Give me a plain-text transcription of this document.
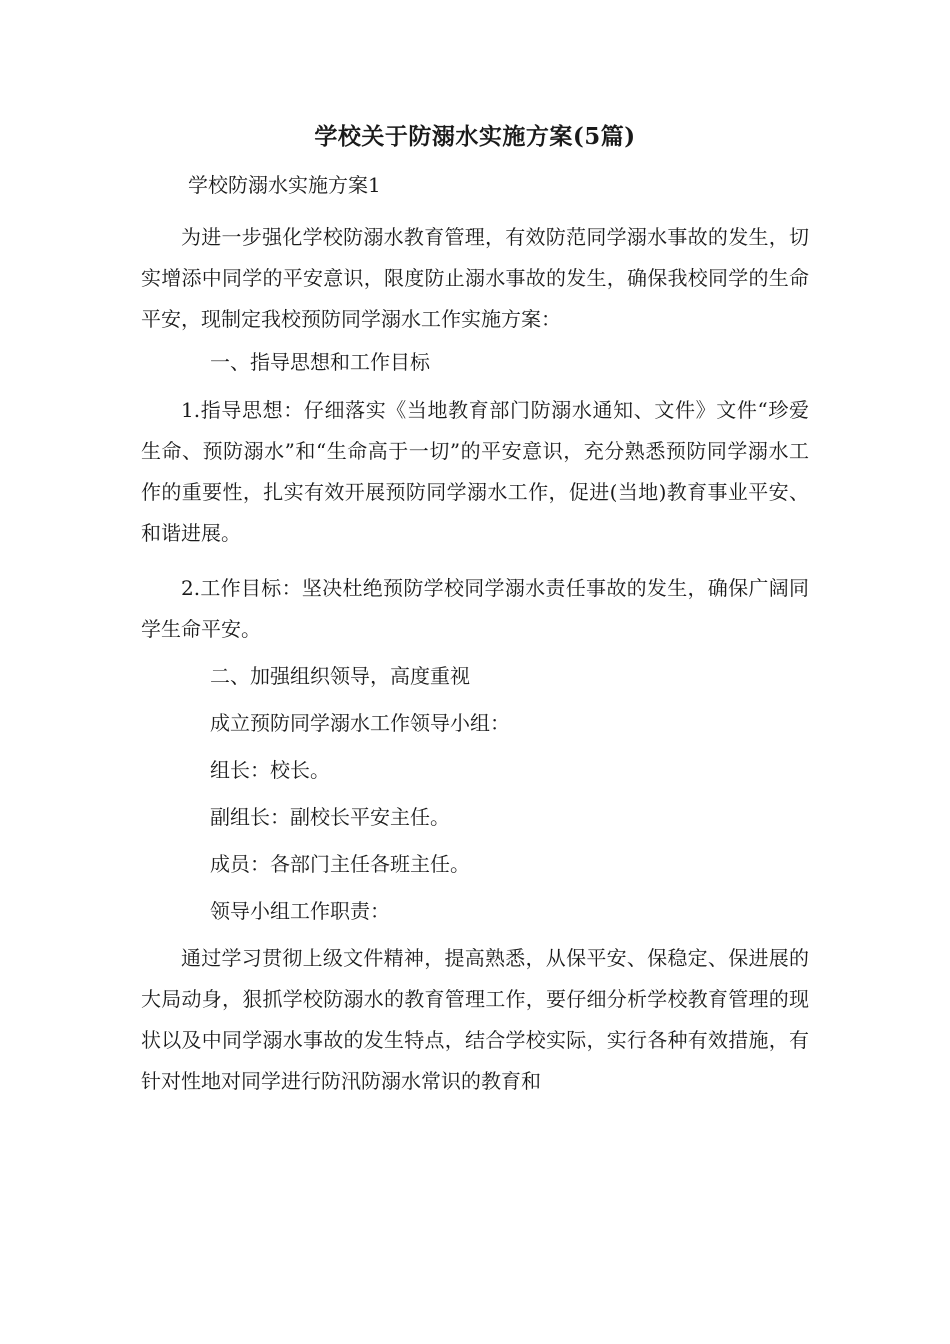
学校关于防溺水实施方案(5篇)
学校防溺水实施方案1

为进一步强化学校防溺水教育管理，有效防范同学溺水事故的发生，切实增添中同学的平安意识，限度防止溺水事故的发生，确保我校同学的生命平安，现制定我校预防同学溺水工作实施方案：

一、指导思想和工作目标

1.指导思想：仔细落实《当地教育部门防溺水通知、文件》文件“珍爱生命、预防溺水”和“生命高于一切”的平安意识，充分熟悉预防同学溺水工作的重要性，扎实有效开展预防同学溺水工作，促进(当地)教育事业平安、和谐进展。

2.工作目标：坚决杜绝预防学校同学溺水责任事故的发生，确保广阔同学生命平安。

二、加强组织领导，高度重视
成立预防同学溺水工作领导小组：
组长：校长。
副组长：副校长平安主任。
成员：各部门主任各班主任。
领导小组工作职责：

通过学习贯彻上级文件精神，提高熟悉，从保平安、保稳定、保进展的大局动身，狠抓学校防溺水的教育管理工作，要仔细分析学校教育管理的现状以及中同学溺水事故的发生特点，结合学校实际，实行各种有效措施，有针对性地对同学进行防汛防溺水常识的教育和
